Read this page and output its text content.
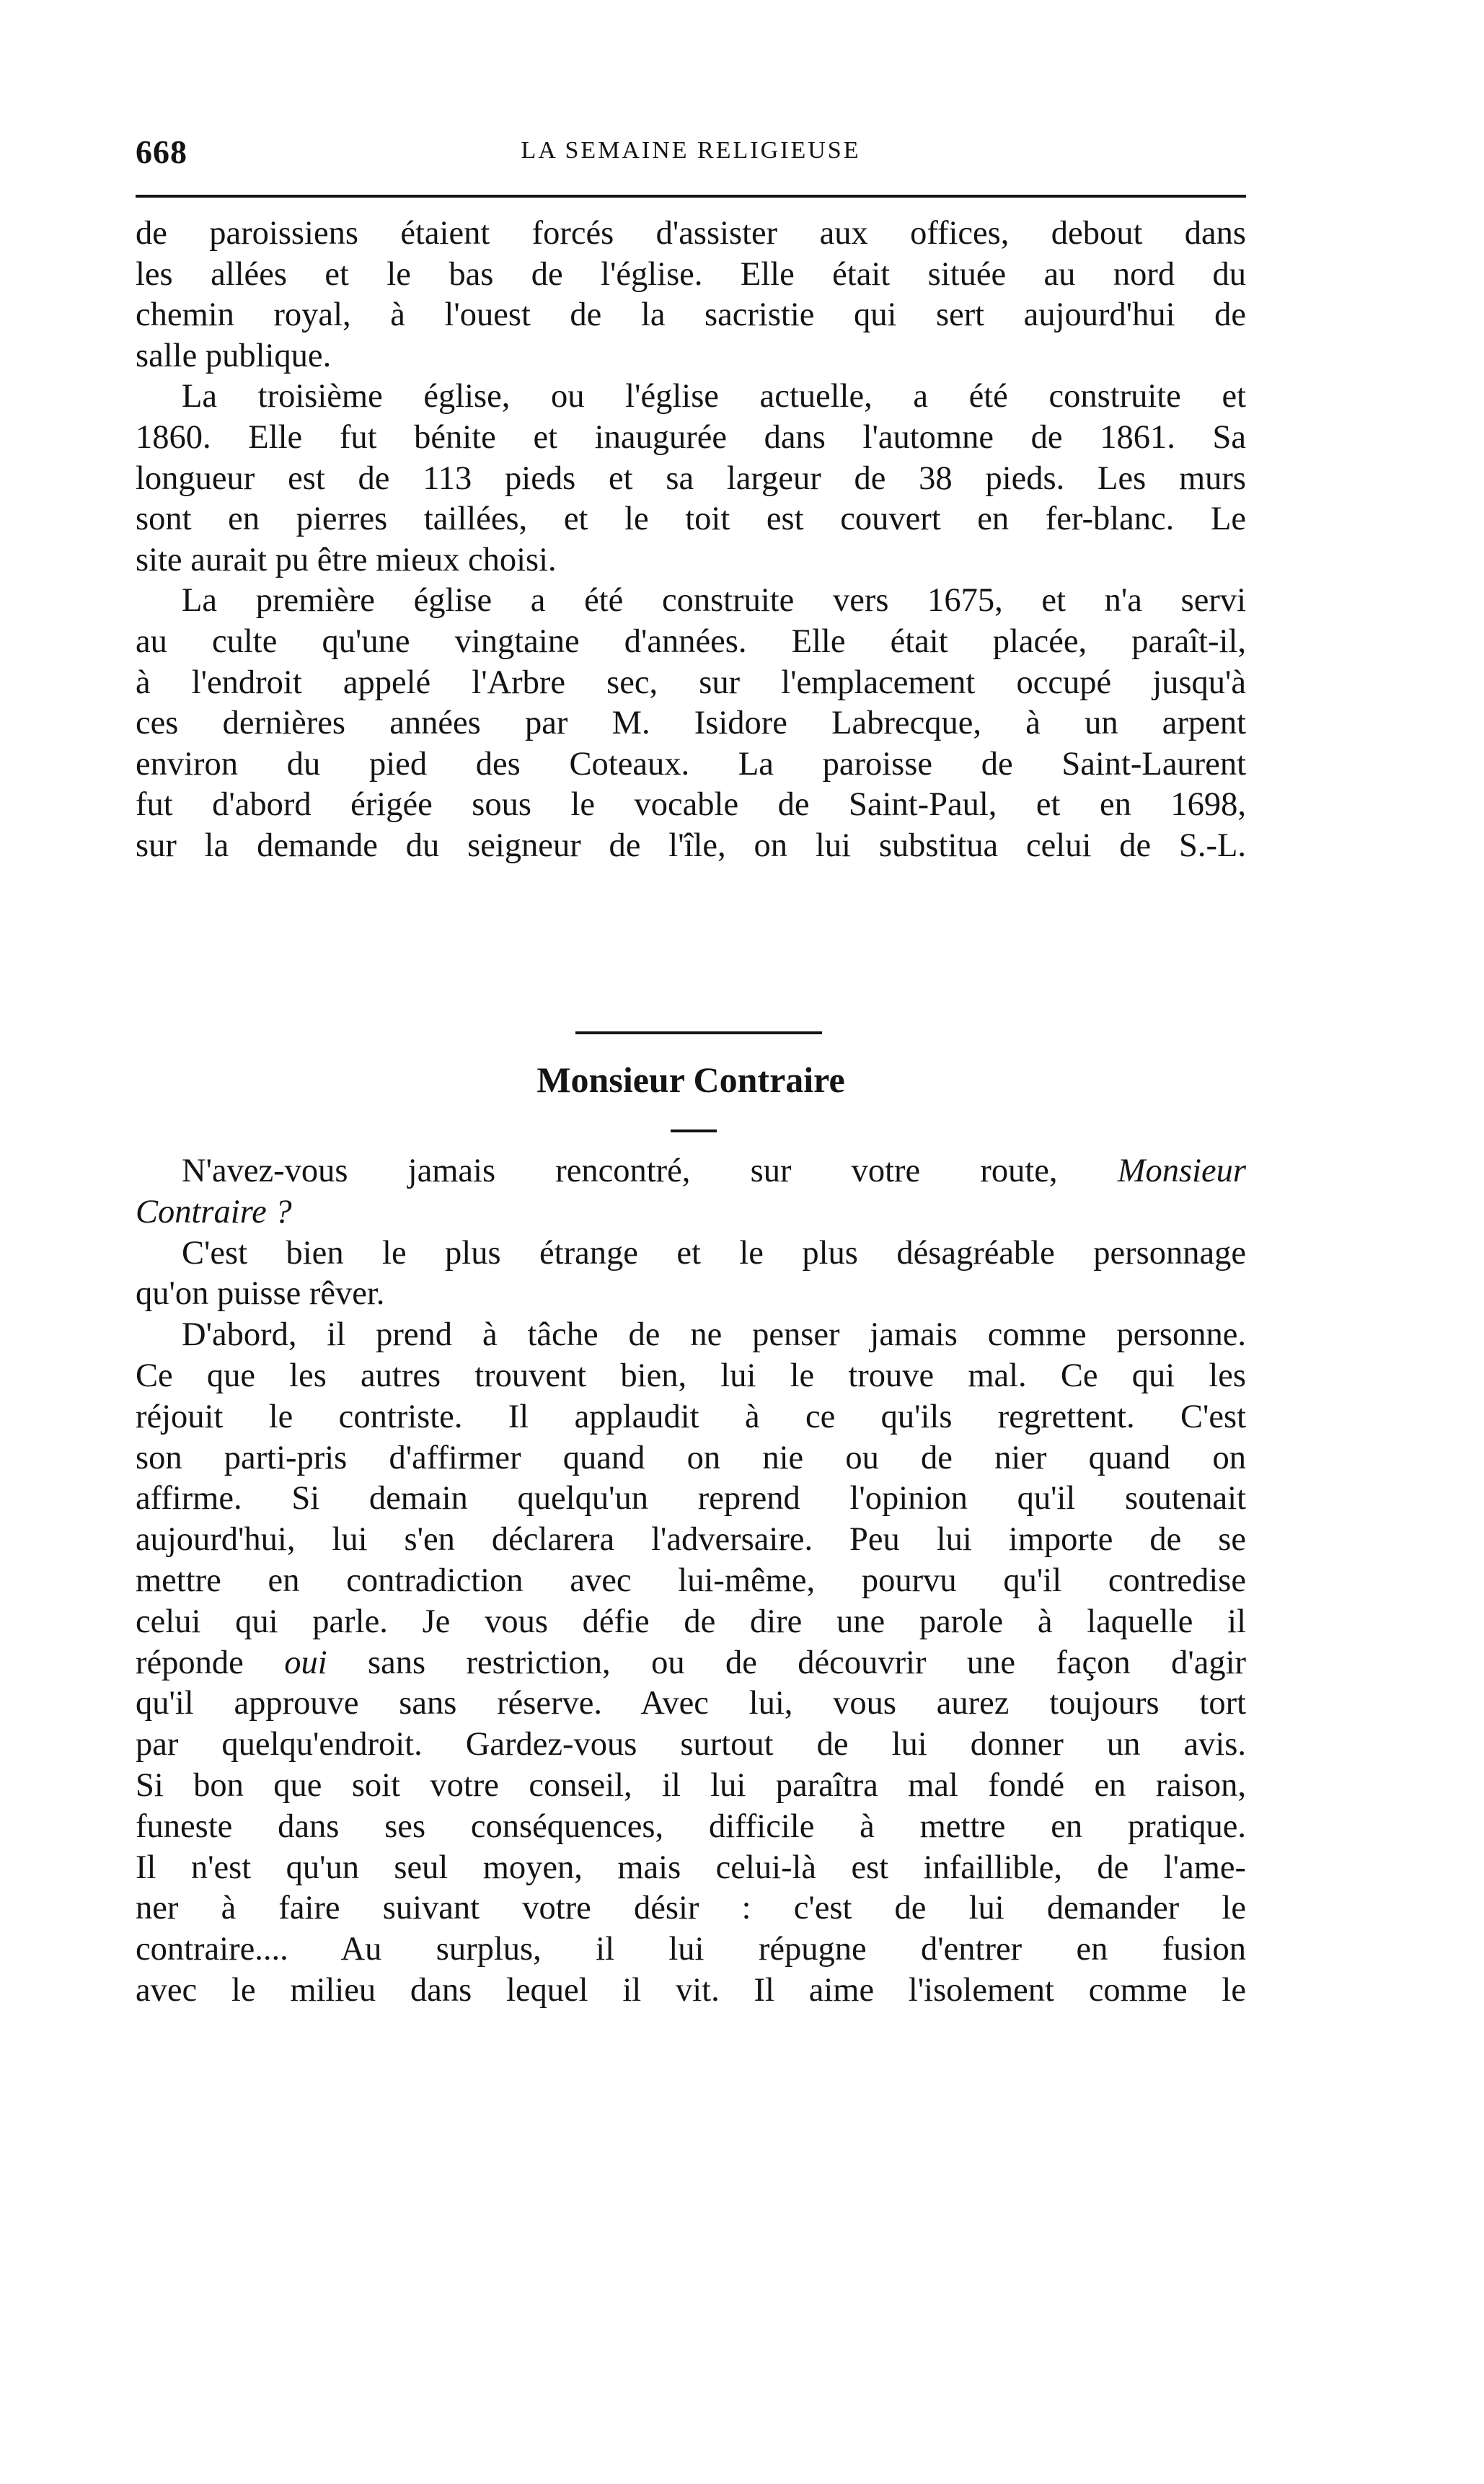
668	LA SEMAINE RELIGIEUSE

de paroissiens étaient forcés d'assister aux offices, debout dans

les allées et le bas de l'église. Elle était située au nord du

chemin royal, à l'ouest de la sacristie qui sert aujourd'hui de

salle publique.

La troisième église, ou l'église actuelle, a été construite et

1860. Elle fut bénite et inaugurée dans l'automne de 1861. Sa

longueur est de 113 pieds et sa largeur de 38 pieds. Les murs

sont en pierres taillées, et le toit est couvert en fer-blanc. Le

site aurait pu être mieux choisi.

La première église a été construite vers 1675, et n'a servi

au culte qu'une vingtaine d'années. Elle était placée, paraît-il,

à l'endroit appelé l'Arbre sec, sur l'emplacement occupé jusqu'à

ces dernières années par M. Isidore Labrecque, à un arpent

environ du pied des Coteaux. La paroisse de Saint-Laurent

fut d'abord érigée sous le vocable de Saint-Paul, et en 1698,

sur la demande du seigneur de l'île, on lui substitua celui de S.-L.

Monsieur Contraire

N'avez-vous jamais rencontré, sur votre route, Monsieur

Contraire ?

C'est bien le plus étrange et le plus désagréable personnage

qu'on puisse rêver.

D'abord, il prend à tâche de ne penser jamais comme personne.

Ce que les autres trouvent bien, lui le trouve mal. Ce qui les

réjouit le contriste. Il applaudit à ce qu'ils regrettent. C'est

son parti-pris d'affirmer quand on nie ou de nier quand on

affirme. Si demain quelqu'un reprend l'opinion qu'il soutenait

aujourd'hui, lui s'en déclarera l'adversaire. Peu lui importe de se

mettre en contradiction avec lui-même, pourvu qu'il contredise

celui qui parle. Je vous défie de dire une parole à laquelle il

réponde oui sans restriction, ou de découvrir une façon d'agir

qu'il approuve sans réserve. Avec lui, vous aurez toujours tort

par quelqu'endroit. Gardez-vous surtout de lui donner un avis.

Si bon que soit votre conseil, il lui paraîtra mal fondé en raison,

funeste dans ses conséquences, difficile à mettre en pratique.

Il n'est qu'un seul moyen, mais celui-là est infaillible, de l'ame-

ner à faire suivant votre désir : c'est de lui demander le

contraire.... Au surplus, il lui répugne d'entrer en fusion

avec le milieu dans lequel il vit. Il aime l'isolement comme le
